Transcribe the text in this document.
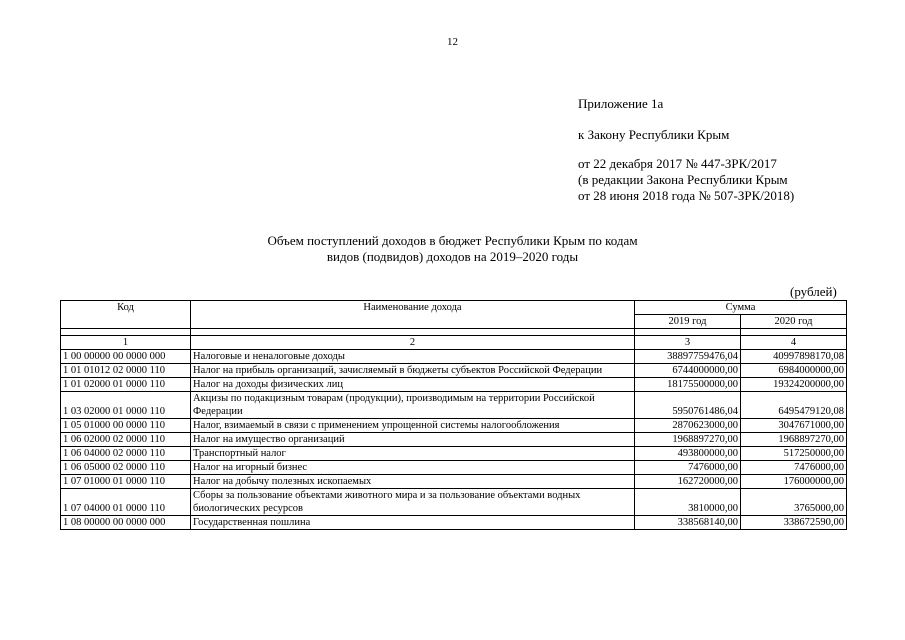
12
Приложение 1а
к Закону Республики Крым
от 22 декабря 2017 № 447-ЗРК/2017
(в редакции Закона Республики Крым
от 28 июня 2018 года № 507-ЗРК/2018)
Объем поступлений доходов в бюджет Республики Крым по кодам
видов (подвидов) доходов на 2019–2020 годы
(рублей)
Код	Наименование дохода	Сумма	
		2019 год	2020 год

1	2	3	4
1 00 00000 00 0000 000	Налоговые и неналоговые доходы	38897759476,04	40997898170,08
1 01 01012 02 0000 110	Налог на прибыль организаций, зачисляемый в бюджеты субъектов Российской Федерации	6744000000,00	6984000000,00
1 01 02000 01 0000 110	Налог на доходы физических лиц	18175500000,00	19324200000,00
1 03 02000 01 0000 110	Акцизы по подакцизным товарам (продукции), производимым на территории Российской Федерации	5950761486,04	6495479120,08
1 05 01000 00 0000 110	Налог, взимаемый в связи с применением упрощенной системы налогообложения	2870623000,00	3047671000,00
1 06 02000 02 0000 110	Налог на имущество организаций	1968897270,00	1968897270,00
1 06 04000 02 0000 110	Транспортный налог	493800000,00	517250000,00
1 06 05000 02 0000 110	Налог на игорный бизнес	7476000,00	7476000,00
1 07 01000 01 0000 110	Налог на добычу полезных ископаемых	162720000,00	176000000,00
1 07 04000 01 0000 110	Сборы за пользование объектами животного мира и за пользование объектами водных биологических ресурсов	3810000,00	3765000,00
1 08 00000 00 0000 000	Государственная пошлина	338568140,00	338672590,00
